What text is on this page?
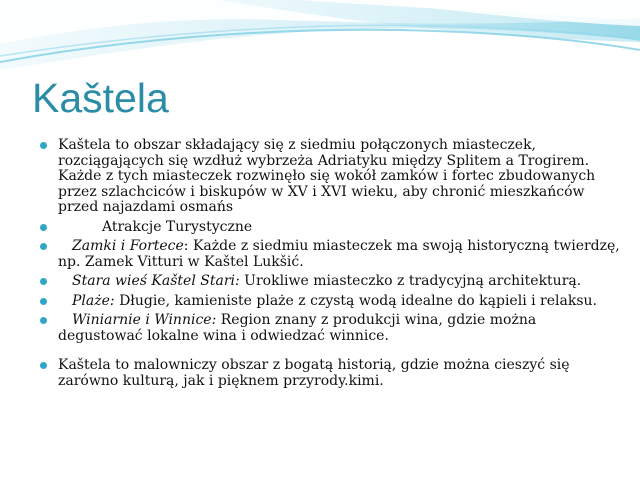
Kaštela
Kaštela to obszar składający się z siedmiu połączonych miasteczek, rozciągających się wzdłuż wybrzeża Adriatyku między Splitem a Trogirem. Każde z tych miasteczek rozwinęło się wokół zamków i fortec zbudowanych przez szlachciców i biskupów w XV i XVI wieku, aby chronić mieszkańców przed najazdami osmańs
Atrakcje Turystyczne
Zamki i Fortece: Każde z siedmiu miasteczek ma swoją historyczną twierdzę, np. Zamek Vitturi w Kaštel Lukšić.
Stara wieś Kaštel Stari: Urokliwe miasteczko z tradycyjną architekturą.
Plaże: Długie, kamieniste plaże z czystą wodą idealne do kąpieli i relaksu.
Winiarnie i Winnice: Region znany z produkcji wina, gdzie można degustować lokalne wina i odwiedzać winnice.
Kaštela to malowniczy obszar z bogatą historią, gdzie można cieszyć się zarówno kulturą, jak i pięknem przyrody.kimi.
